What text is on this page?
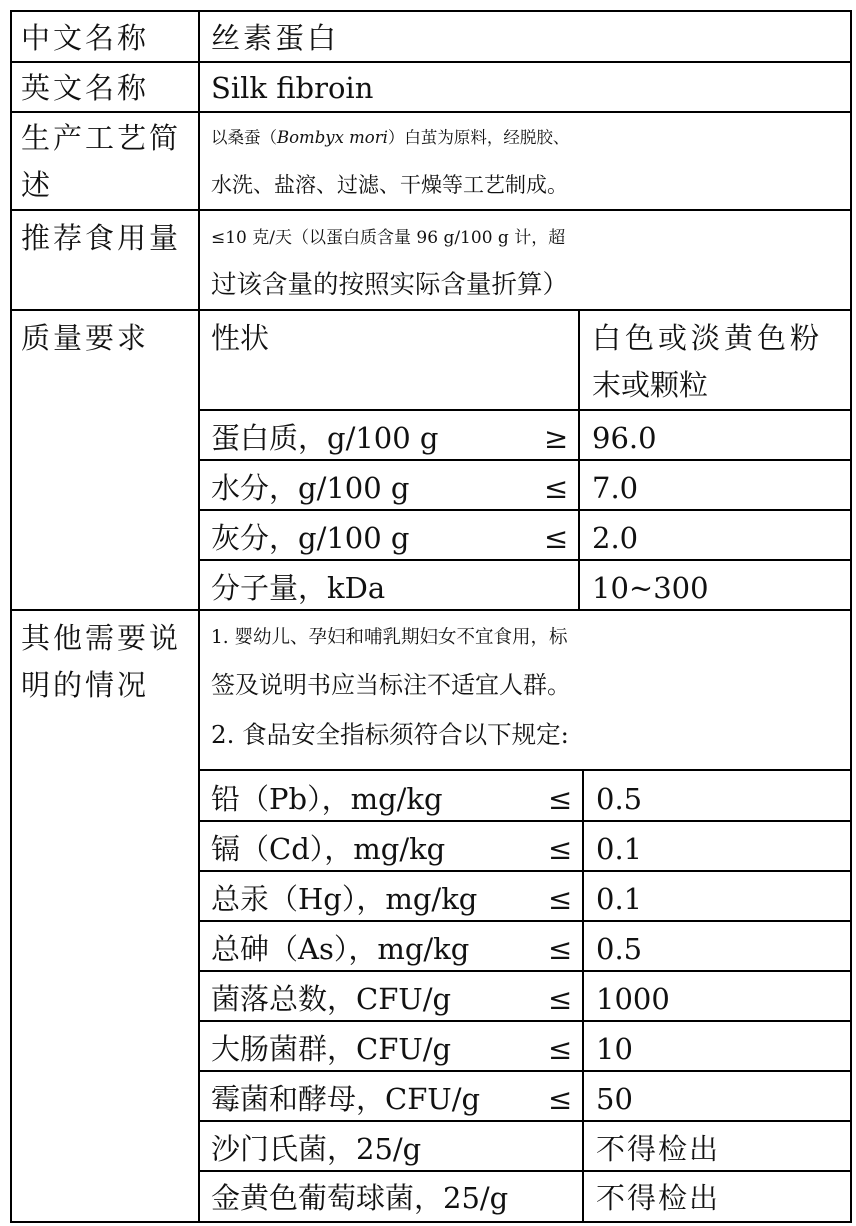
中文名称 丝素蛋白
英文名称 Silk fibroin
生产工艺简
述
以桑蚕（Bombyx mori）白茧为原料，经脱胶、
水洗、盐溶、过滤、干燥等工艺制成。
推荐食用量 ≤10 克/天（以蛋白质含量 96 g/100 g 计，超
过该含量的按照实际含量折算）
质量要求 性状	白色或淡黄色粉
末或颗粒
蛋白质，g/100 g	≥ 96.0
水分，g/100 g	≤ 7.0
灰分，g/100 g	≤ 2.0
分子量，kDa	10~300
其他需要说
明的情况
1. 婴幼儿、孕妇和哺乳期妇女不宜食用，标
签及说明书应当标注不适宜人群。
2. 食品安全指标须符合以下规定:
铅（Pb），mg/kg	≤ 0.5
镉（Cd），mg/kg	≤ 0.1
总汞（Hg），mg/kg ≤ 0.1
总砷（As），mg/kg	≤ 0.5
菌落总数，CFU/g	≤ 1000
大肠菌群，CFU/g	≤ 10
霉菌和酵母，CFU/g ≤ 50
沙门氏菌，25/g	不得检出
金黄色葡萄球菌，25/g	不得检出
